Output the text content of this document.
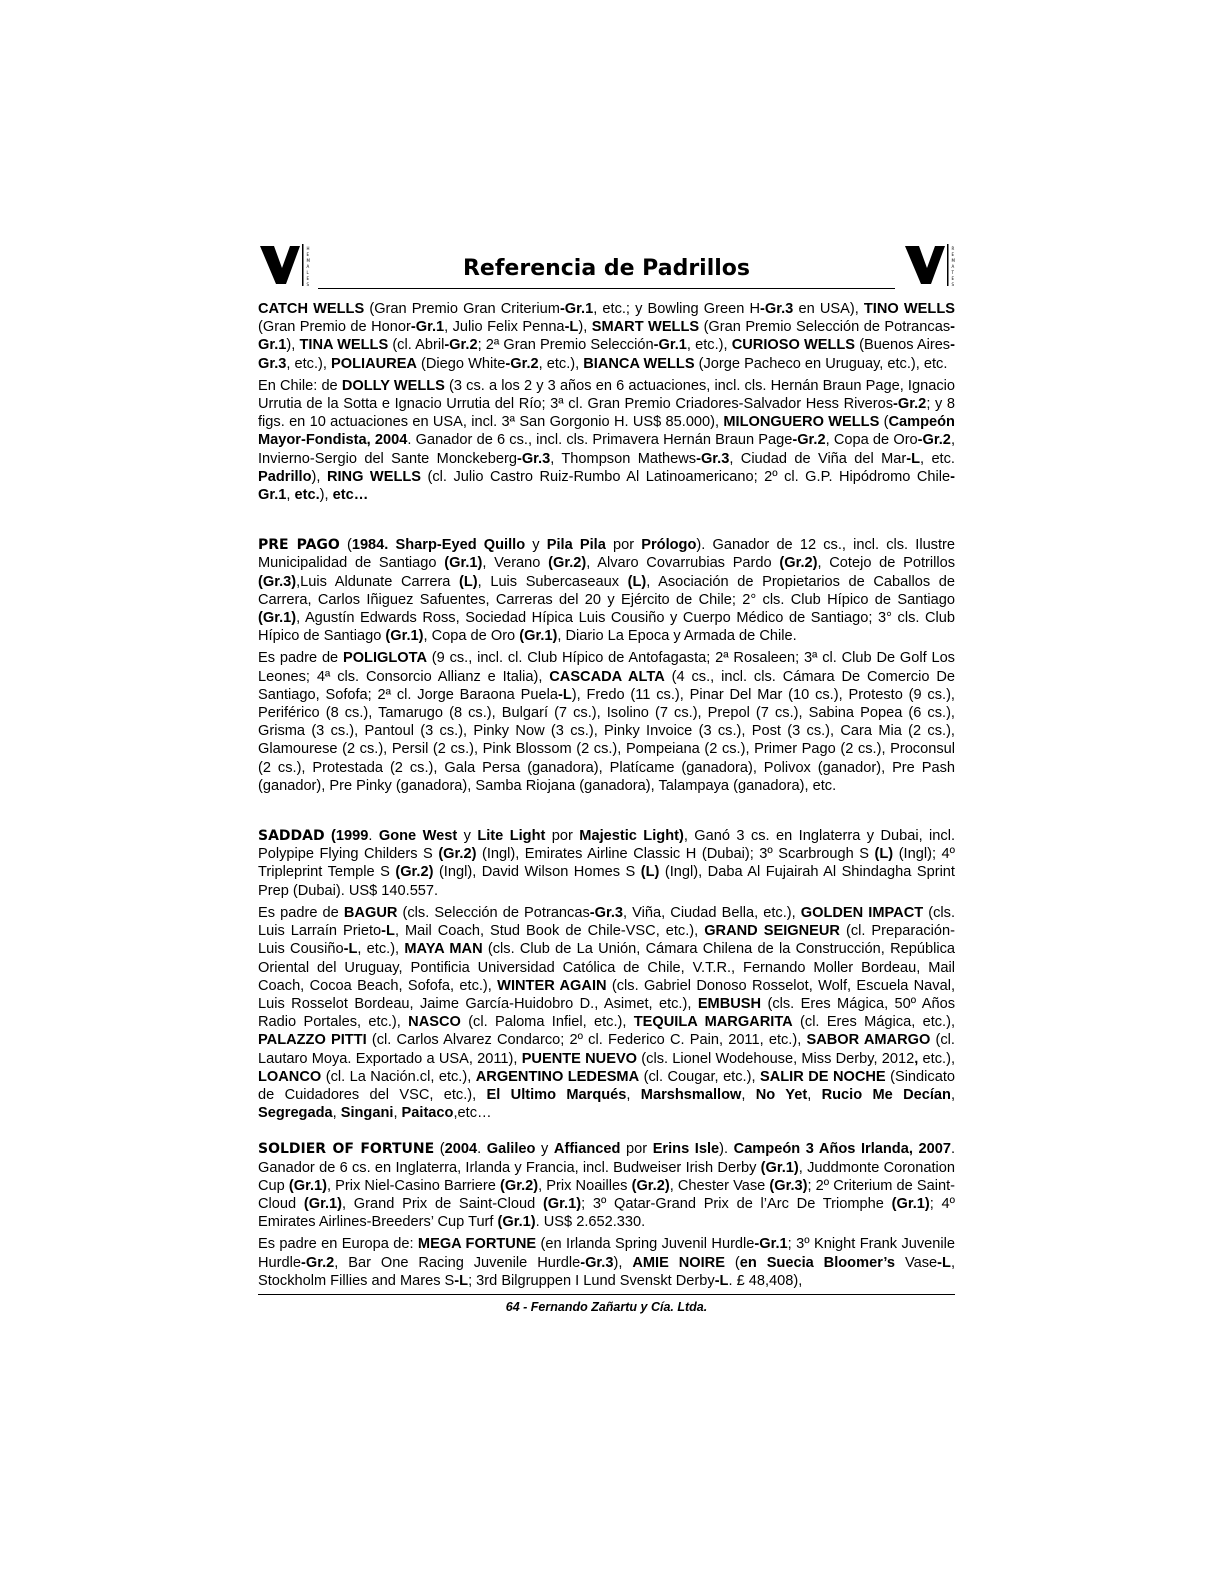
H
E
M
A
L
E
S
Referencia de Padrillos
R
E
M
A
T
E
S

CATCH WELLS (Gran Premio Gran Criterium-Gr.1, etc.; y Bowling Green H-Gr.3 en USA), TINO WELLS (Gran Premio de Honor-Gr.1, Julio Felix Penna-L), SMART WELLS (Gran Premio Selección de Potrancas-Gr.1), TINA WELLS (cl. Abril-Gr.2; 2ª Gran Premio Selección-Gr.1, etc.), CURIOSO WELLS (Buenos Aires-Gr.3, etc.), POLIAUREA (Diego White-Gr.2, etc.), BIANCA WELLS (Jorge Pacheco en Uruguay, etc.), etc.

En Chile: de DOLLY WELLS (3 cs. a los 2 y 3 años en 6 actuaciones, incl. cls. Hernán Braun Page, Ignacio Urrutia de la Sotta e Ignacio Urrutia del Río; 3ª cl. Gran Premio Criadores-Salvador Hess Riveros-Gr.2; y 8 figs. en 10 actuaciones en USA, incl. 3ª San Gorgonio H. US$ 85.000), MILONGUERO WELLS (Campeón Mayor-Fondista, 2004. Ganador de 6 cs., incl. cls. Primavera Hernán Braun Page-Gr.2, Copa de Oro-Gr.2, Invierno-Sergio del Sante Monckeberg-Gr.3, Thompson Mathews-Gr.3, Ciudad de Viña del Mar-L, etc. Padrillo), RING WELLS (cl. Julio Castro Ruiz-Rumbo Al Latinoamericano; 2º cl. G.P. Hipódromo Chile-Gr.1, etc.), etc…

PRE PAGO (1984. Sharp-Eyed Quillo y Pila Pila por Prólogo). Ganador de 12 cs., incl. cls. Ilustre Municipalidad de Santiago (Gr.1), Verano (Gr.2), Alvaro Covarrubias Pardo (Gr.2), Cotejo de Potrillos (Gr.3),Luis Aldunate Carrera (L), Luis Subercaseaux (L), Asociación de Propietarios de Caballos de Carrera, Carlos Iñiguez Safuentes, Carreras del 20 y Ejército de Chile; 2° cls. Club Hípico de Santiago (Gr.1), Agustín Edwards Ross, Sociedad Hípica Luis Cousiño y Cuerpo Médico de Santiago; 3° cls. Club Hípico de Santiago (Gr.1), Copa de Oro (Gr.1), Diario La Epoca y Armada de Chile.

Es padre de POLIGLOTA (9 cs., incl. cl. Club Hípico de Antofagasta; 2ª Rosaleen; 3ª cl. Club De Golf Los Leones; 4ª cls. Consorcio Allianz e Italia), CASCADA ALTA (4 cs., incl. cls. Cámara De Comercio De Santiago, Sofofa; 2ª cl. Jorge Baraona Puela-L), Fredo (11 cs.), Pinar Del Mar (10 cs.), Protesto (9 cs.), Periférico (8 cs.), Tamarugo (8 cs.), Bulgarí (7 cs.), Isolino (7 cs.), Prepol (7 cs.), Sabina Popea (6 cs.), Grisma (3 cs.), Pantoul (3 cs.), Pinky Now (3 cs.), Pinky Invoice (3 cs.), Post (3 cs.), Cara Mia (2 cs.), Glamourese (2 cs.), Persil (2 cs.), Pink Blossom (2 cs.), Pompeiana (2 cs.), Primer Pago (2 cs.), Proconsul (2 cs.), Protestada (2 cs.), Gala Persa (ganadora), Platícame (ganadora), Polivox (ganador), Pre Pash (ganador), Pre Pinky (ganadora), Samba Riojana (ganadora), Talampaya (ganadora), etc.

SADDAD (1999. Gone West y Lite Light por Majestic Light), Ganó 3 cs. en Inglaterra y Dubai, incl. Polypipe Flying Childers S (Gr.2) (Ingl), Emirates Airline Classic H (Dubai); 3º Scarbrough S (L) (Ingl); 4º Tripleprint Temple S (Gr.2) (Ingl), David Wilson Homes S (L) (Ingl), Daba Al Fujairah Al Shindagha Sprint Prep (Dubai). US$ 140.557.

Es padre de BAGUR (cls. Selección de Potrancas-Gr.3, Viña, Ciudad Bella, etc.), GOLDEN IMPACT (cls. Luis Larraín Prieto-L, Mail Coach, Stud Book de Chile-VSC, etc.), GRAND SEIGNEUR (cl. Preparación-Luis Cousiño-L, etc.), MAYA MAN (cls. Club de La Unión, Cámara Chilena de la Construcción, República Oriental del Uruguay, Pontificia Universidad Católica de Chile, V.T.R., Fernando Moller Bordeau, Mail Coach, Cocoa Beach, Sofofa, etc.), WINTER AGAIN (cls. Gabriel Donoso Rosselot, Wolf, Escuela Naval, Luis Rosselot Bordeau, Jaime García-Huidobro D., Asimet, etc.), EMBUSH (cls. Eres Mágica, 50º Años Radio Portales, etc.), NASCO (cl. Paloma Infiel, etc.), TEQUILA MARGARITA (cl. Eres Mágica, etc.), PALAZZO PITTI (cl. Carlos Alvarez Condarco; 2º cl. Federico C. Pain, 2011, etc.), SABOR AMARGO (cl. Lautaro Moya. Exportado a USA, 2011), PUENTE NUEVO (cls. Lionel Wodehouse, Miss Derby, 2012, etc.), LOANCO (cl. La Nación.cl, etc.), ARGENTINO LEDESMA (cl. Cougar, etc.), SALIR DE NOCHE (Sindicato de Cuidadores del VSC, etc.), El Ultimo Marqués, Marshsmallow, No Yet, Rucio Me Decían, Segregada, Singani, Paitaco,etc…

SOLDIER OF FORTUNE (2004. Galileo y Affianced por Erins Isle). Campeón 3 Años Irlanda, 2007. Ganador de 6 cs. en Inglaterra, Irlanda y Francia, incl. Budweiser Irish Derby (Gr.1), Juddmonte Coronation Cup (Gr.1), Prix Niel-Casino Barriere (Gr.2), Prix Noailles (Gr.2), Chester Vase (Gr.3); 2º Criterium de Saint-Cloud (Gr.1), Grand Prix de Saint-Cloud (Gr.1); 3º Qatar-Grand Prix de l’Arc De Triomphe (Gr.1); 4º Emirates Airlines-Breeders’ Cup Turf (Gr.1). US$ 2.652.330.

Es padre en Europa de: MEGA FORTUNE (en Irlanda Spring Juvenil Hurdle-Gr.1; 3º Knight Frank Juvenile Hurdle-Gr.2, Bar One Racing Juvenile Hurdle-Gr.3), AMIE NOIRE (en Suecia Bloomer’s Vase-L, Stockholm Fillies and Mares S-L; 3rd Bilgruppen I Lund Svenskt Derby-L. £ 48,408),

64 - Fernando Zañartu y Cía. Ltda.
